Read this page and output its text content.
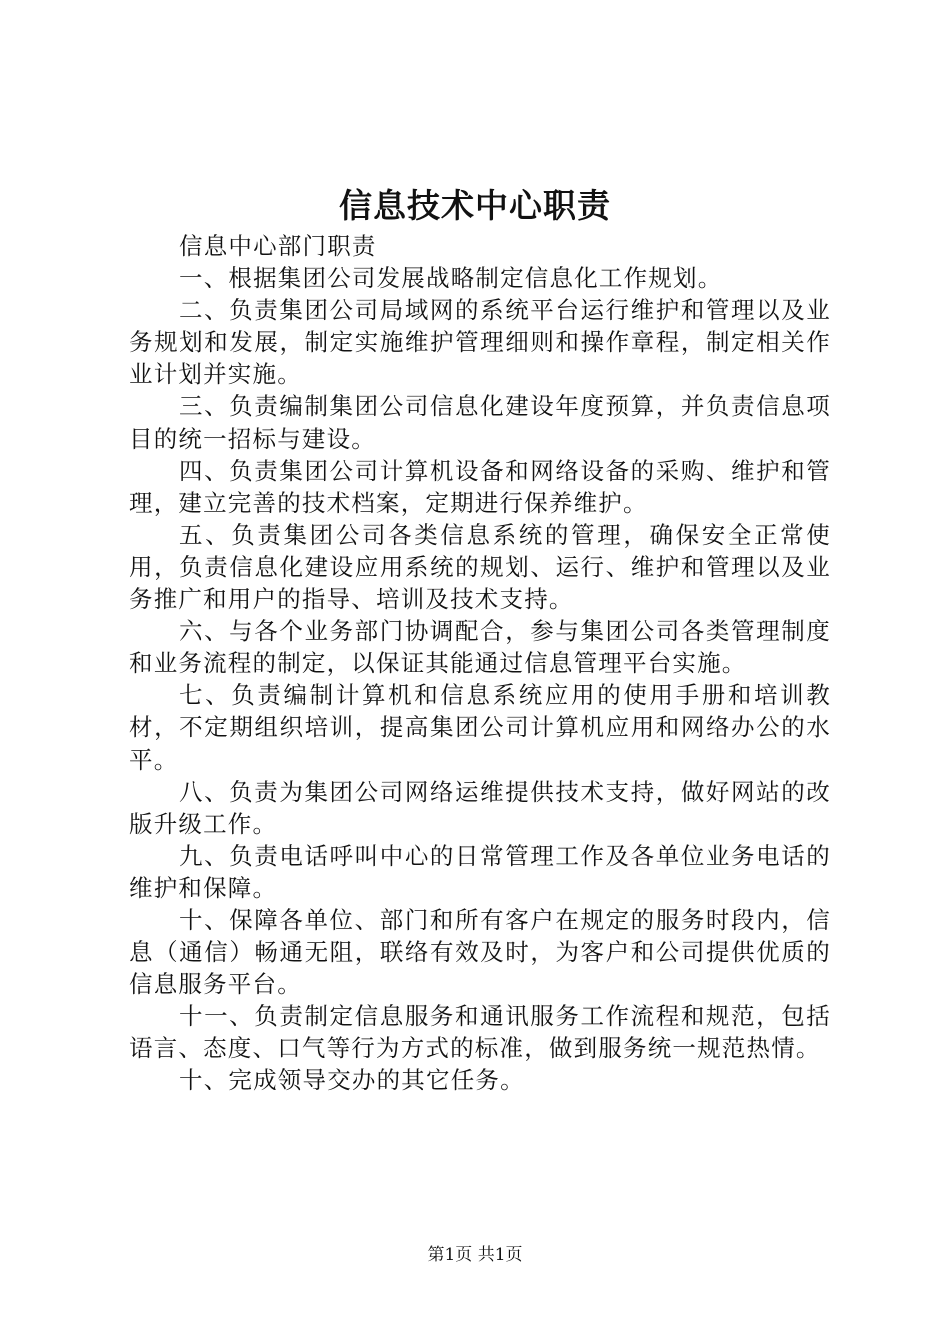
信息技术中心职责

信息中心部门职责

一、根据集团公司发展战略制定信息化工作规划。

二、负责集团公司局域网的系统平台运行维护和管理以及业务规划和发展，制定实施维护管理细则和操作章程，制定相关作业计划并实施。

三、负责编制集团公司信息化建设年度预算，并负责信息项目的统一招标与建设。

四、负责集团公司计算机设备和网络设备的采购、维护和管理，建立完善的技术档案，定期进行保养维护。

五、负责集团公司各类信息系统的管理，确保安全正常使用，负责信息化建设应用系统的规划、运行、维护和管理以及业务推广和用户的指导、培训及技术支持。

六、与各个业务部门协调配合，参与集团公司各类管理制度和业务流程的制定，以保证其能通过信息管理平台实施。

七、负责编制计算机和信息系统应用的使用手册和培训教材，不定期组织培训，提高集团公司计算机应用和网络办公的水平。

八、负责为集团公司网络运维提供技术支持，做好网站的改版升级工作。

九、负责电话呼叫中心的日常管理工作及各单位业务电话的维护和保障。

十、保障各单位、部门和所有客户在规定的服务时段内，信息（通信）畅通无阻，联络有效及时，为客户和公司提供优质的信息服务平台。

十一、负责制定信息服务和通讯服务工作流程和规范，包括语言、态度、口气等行为方式的标准，做到服务统一规范热情。

十、完成领导交办的其它任务。

第1页 共1页
